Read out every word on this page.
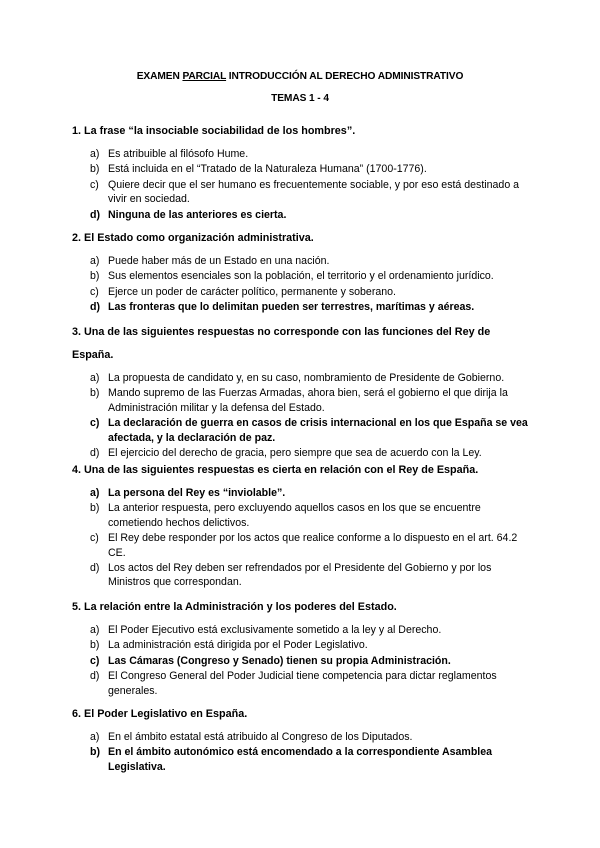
EXAMEN PARCIAL INTRODUCCIÓN AL DERECHO ADMINISTRATIVO
TEMAS 1 - 4
1. La frase “la insociable sociabilidad de los hombres”.
a) Es atribuible al filósofo Hume.
b) Está incluida en el “Tratado de la Naturaleza Humana” (1700-1776).
c) Quiere decir que el ser humano es frecuentemente sociable, y por eso está destinado a vivir en sociedad.
d) Ninguna de las anteriores es cierta.
2. El Estado como organización administrativa.
a) Puede haber más de un Estado en una nación.
b) Sus elementos esenciales son la población, el territorio y el ordenamiento jurídico.
c) Ejerce un poder de carácter político, permanente y soberano.
d) Las fronteras que lo delimitan pueden ser terrestres, marítimas y aéreas.
3. Una de las siguientes respuestas no corresponde con las funciones del Rey de España.
a) La propuesta de candidato y, en su caso, nombramiento de Presidente de Gobierno.
b) Mando supremo de las Fuerzas Armadas, ahora bien, será el gobierno el que dirija la Administración militar y la defensa del Estado.
c) La declaración de guerra en casos de crisis internacional en los que España se vea afectada, y la declaración de paz.
d) El ejercicio del derecho de gracia, pero siempre que sea de acuerdo con la Ley.
4. Una de las siguientes respuestas es cierta en relación con el Rey de España.
a) La persona del Rey es “inviolable”.
b) La anterior respuesta, pero excluyendo aquellos casos en los que se encuentre cometiendo hechos delictivos.
c) El Rey debe responder por los actos que realice conforme a lo dispuesto en el art. 64.2 CE.
d) Los actos del Rey deben ser refrendados por el Presidente del Gobierno y por los Ministros que correspondan.
5. La relación entre la Administración y los poderes del Estado.
a) El Poder Ejecutivo está exclusivamente sometido a la ley y al Derecho.
b) La administración está dirigida por el Poder Legislativo.
c) Las Cámaras (Congreso y Senado) tienen su propia Administración.
d) El Congreso General del Poder Judicial tiene competencia para dictar reglamentos generales.
6. El Poder Legislativo en España.
a) En el ámbito estatal está atribuido al Congreso de los Diputados.
b) En el ámbito autonómico está encomendado a la correspondiente Asamblea Legislativa.
